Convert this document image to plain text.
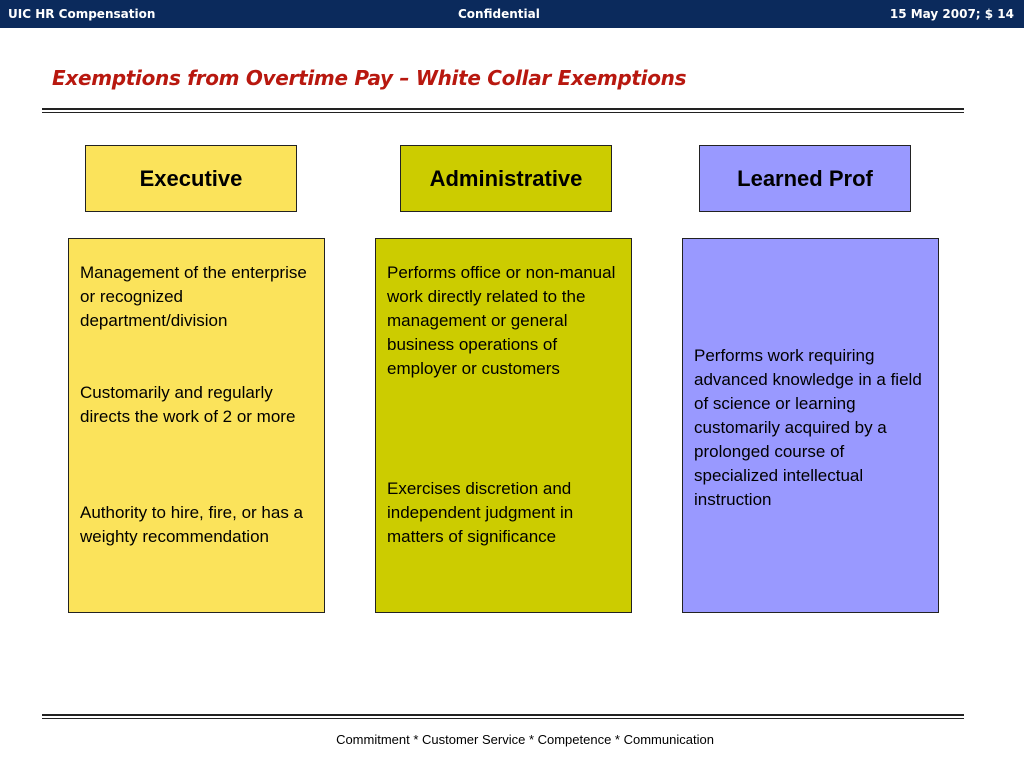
UIC HR Compensation	Confidential	15 May 2007; $ 14
Exemptions from Overtime Pay – White Collar Exemptions
Executive	Administrative	Learned Prof

Management of the enterprise or recognized department/division

Customarily and regularly directs the work of 2 or more

Authority to hire, fire, or has a weighty recommendation

Performs office or non-manual work directly related to the management or general business operations of employer or customers

Exercises discretion and independent judgment in matters of significance

Performs work requiring advanced knowledge in a field of science or learning customarily acquired by a prolonged course of specialized intellectual instruction

Commitment * Customer Service * Competence * Communication
